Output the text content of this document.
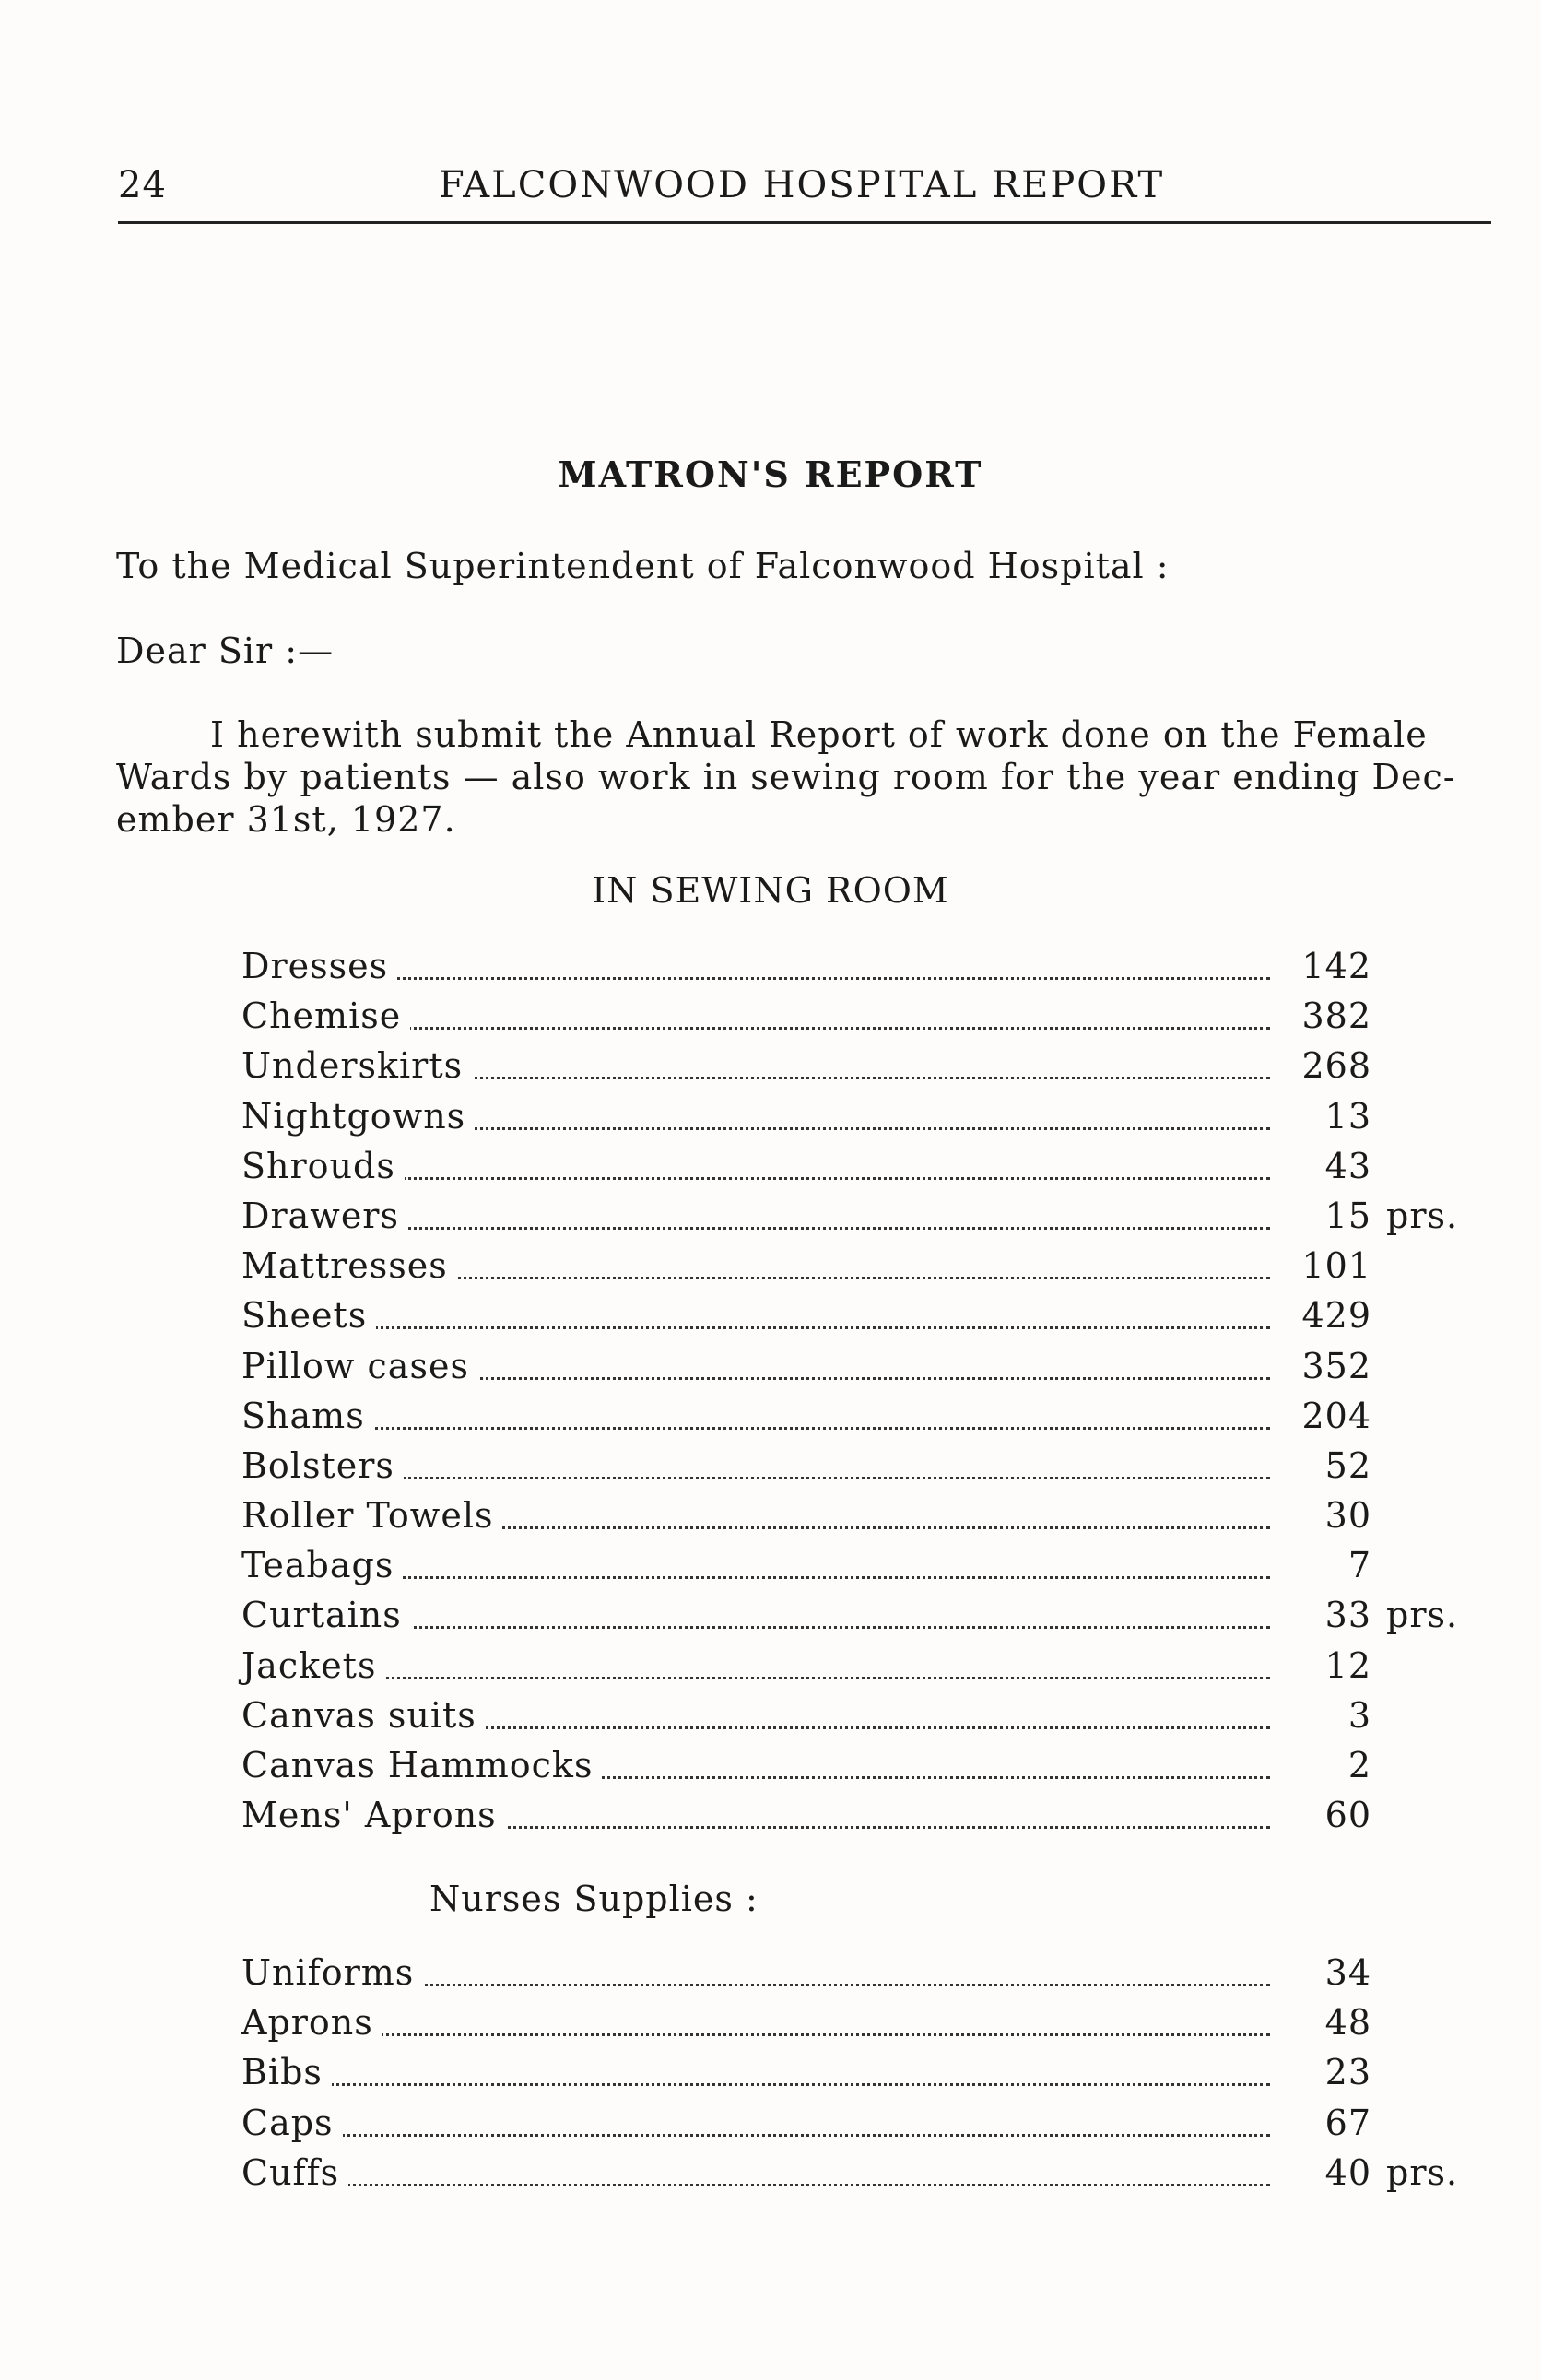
24	FALCONWOOD HOSPITAL REPORT
MATRON'S REPORT
To the Medical Superintendent of Falconwood Hospital :
Dear Sir :—
I herewith submit the Annual Report of work done on the Female
Wards by patients — also work in sewing room for the year ending Dec-
ember 31st, 1927.
IN SEWING ROOM
Dresses	142
Chemise	382
Underskirts	268
Nightgowns	13
Shrouds	43
Drawers	15 prs.
Mattresses	101
Sheets	429
Pillow cases	352
Shams	204
Bolsters	52
Roller Towels	30
Teabags	7
Curtains	33 prs.
Jackets	12
Canvas suits	3
Canvas Hammocks	2
Mens' Aprons	60
Nurses Supplies :
Uniforms	34
Aprons	48
Bibs	23
Caps	67
Cuffs	40 prs.
